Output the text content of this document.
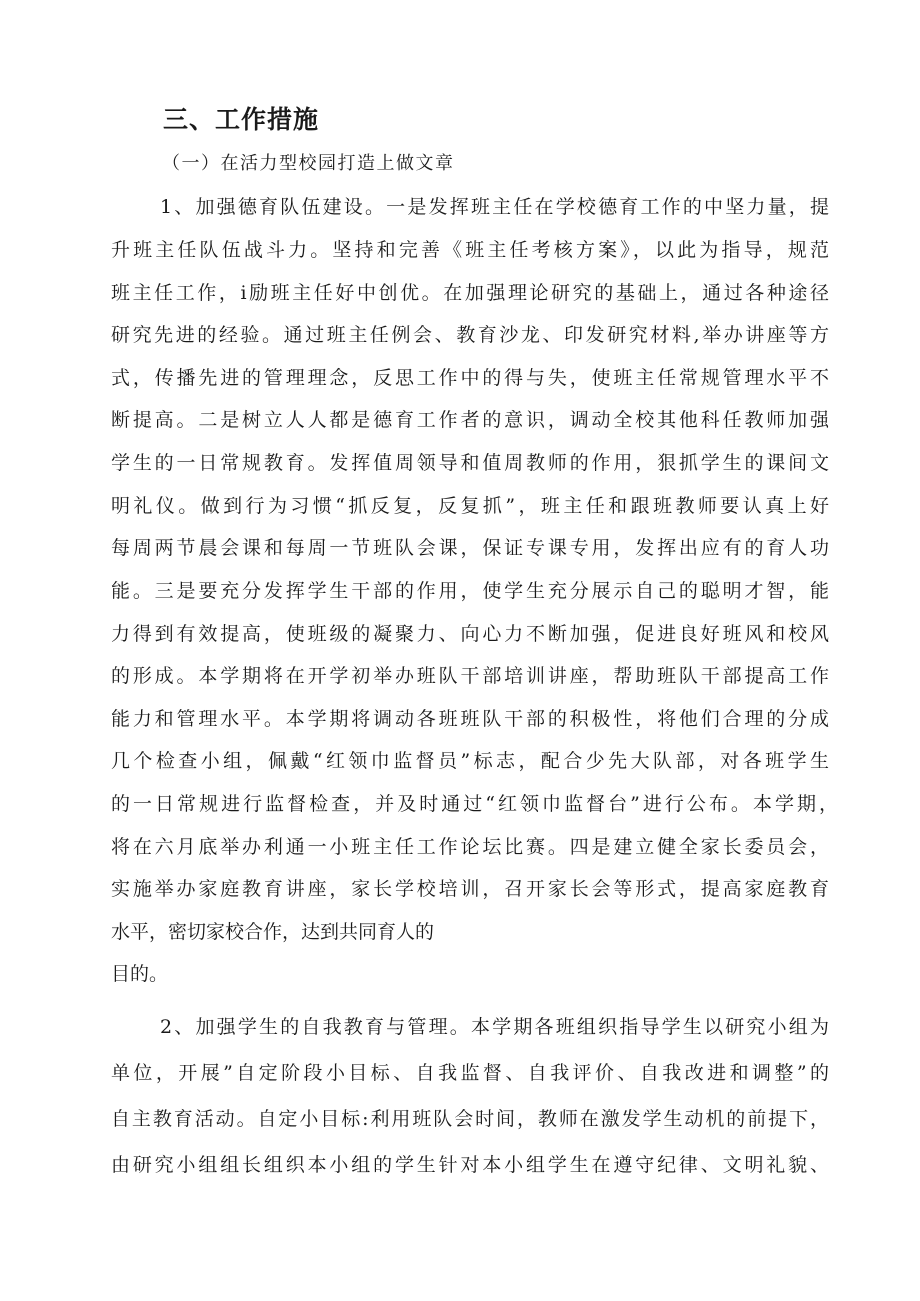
三、工作措施

（一）在活力型校园打造上做文章

1、加强德育队伍建设。一是发挥班主任在学校德育工作的中坚力量，提

升班主任队伍战斗力。坚持和完善《班主任考核方案》，以此为指导，规范

班主任工作，i励班主任好中创优。在加强理论研究的基础上，通过各种途径

研究先进的经验。通过班主任例会、教育沙龙、印发研究材料,举办讲座等方

式，传播先进的管理理念，反思工作中的得与失，使班主任常规管理水平不

断提高。二是树立人人都是德育工作者的意识，调动全校其他科任教师加强

学生的一日常规教育。发挥值周领导和值周教师的作用，狠抓学生的课间文

明礼仪。做到行为习惯“抓反复，反复抓”，班主任和跟班教师要认真上好

每周两节晨会课和每周一节班队会课，保证专课专用，发挥出应有的育人功

能。三是要充分发挥学生干部的作用，使学生充分展示自己的聪明才智，能

力得到有效提高，使班级的凝聚力、向心力不断加强，促进良好班风和校风

的形成。本学期将在开学初举办班队干部培训讲座，帮助班队干部提高工作

能力和管理水平。本学期将调动各班班队干部的积极性，将他们合理的分成

几个检查小组，佩戴“红领巾监督员”标志，配合少先大队部，对各班学生

的一日常规进行监督检查，并及时通过“红领巾监督台”进行公布。本学期，

将在六月底举办利通一小班主任工作论坛比赛。四是建立健全家长委员会，

实施举办家庭教育讲座，家长学校培训，召开家长会等形式，提高家庭教育

水平，密切家校合作，达到共同育人的

目的。

2、加强学生的自我教育与管理。本学期各班组织指导学生以研究小组为

单位，开展”自定阶段小目标、自我监督、自我评价、自我改进和调整”的

自主教育活动。自定小目标:利用班队会时间，教师在激发学生动机的前提下，

由研究小组组长组织本小组的学生针对本小组学生在遵守纪律、文明礼貌、
